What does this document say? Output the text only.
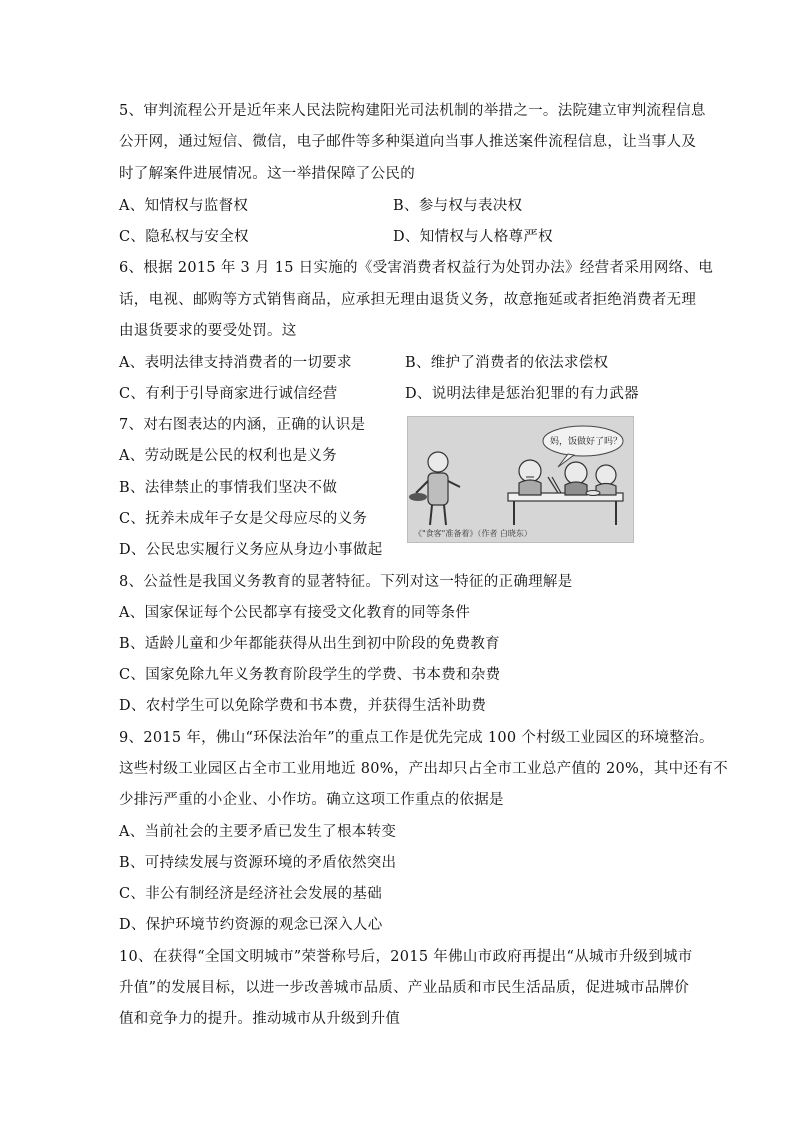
5、审判流程公开是近年来人民法院构建阳光司法机制的举措之一。法院建立审判流程信息
公开网，通过短信、微信，电子邮件等多种渠道向当事人推送案件流程信息，让当事人及
时了解案件进展情况。这一举措保障了公民的
A、知情权与监督权	B、参与权与表决权
C、隐私权与安全权	D、知情权与人格尊严权
6、根据 2015 年 3 月 15 日实施的《受害消费者权益行为处罚办法》经营者采用网络、电
话，电视、邮购等方式销售商品，应承担无理由退货义务，故意拖延或者拒绝消费者无理
由退货要求的要受处罚。这
A、表明法律支持消费者的一切要求	B、维护了消费者的依法求偿权
C、有利于引导商家进行诚信经营	D、说明法律是惩治犯罪的有力武器
7、对右图表达的内涵，正确的认识是
A、劳动既是公民的权利也是义务
B、法律禁止的事情我们坚决不做
C、抚养未成年子女是父母应尽的义务
D、公民忠实履行义务应从身边小事做起
妈，饭做好了吗？
《"食客"准备着》（作者 白晓东）
8、公益性是我国义务教育的显著特征。下列对这一特征的正确理解是
A、国家保证每个公民都享有接受文化教育的同等条件
B、适龄儿童和少年都能获得从出生到初中阶段的免费教育
C、国家免除九年义务教育阶段学生的学费、书本费和杂费
D、农村学生可以免除学费和书本费，并获得生活补助费
9、2015 年，佛山“环保法治年”的重点工作是优先完成 100 个村级工业园区的环境整治。
这些村级工业园区占全市工业用地近 80%，产出却只占全市工业总产值的 20%，其中还有不
少排污严重的小企业、小作坊。确立这项工作重点的依据是
A、当前社会的主要矛盾已发生了根本转变
B、可持续发展与资源环境的矛盾依然突出
C、非公有制经济是经济社会发展的基础
D、保护环境节约资源的观念已深入人心
10、在获得“全国文明城市”荣誉称号后，2015 年佛山市政府再提出“从城市升级到城市
升值”的发展目标，以进一步改善城市品质、产业品质和市民生活品质，促进城市品牌价
值和竞争力的提升。推动城市从升级到升值
